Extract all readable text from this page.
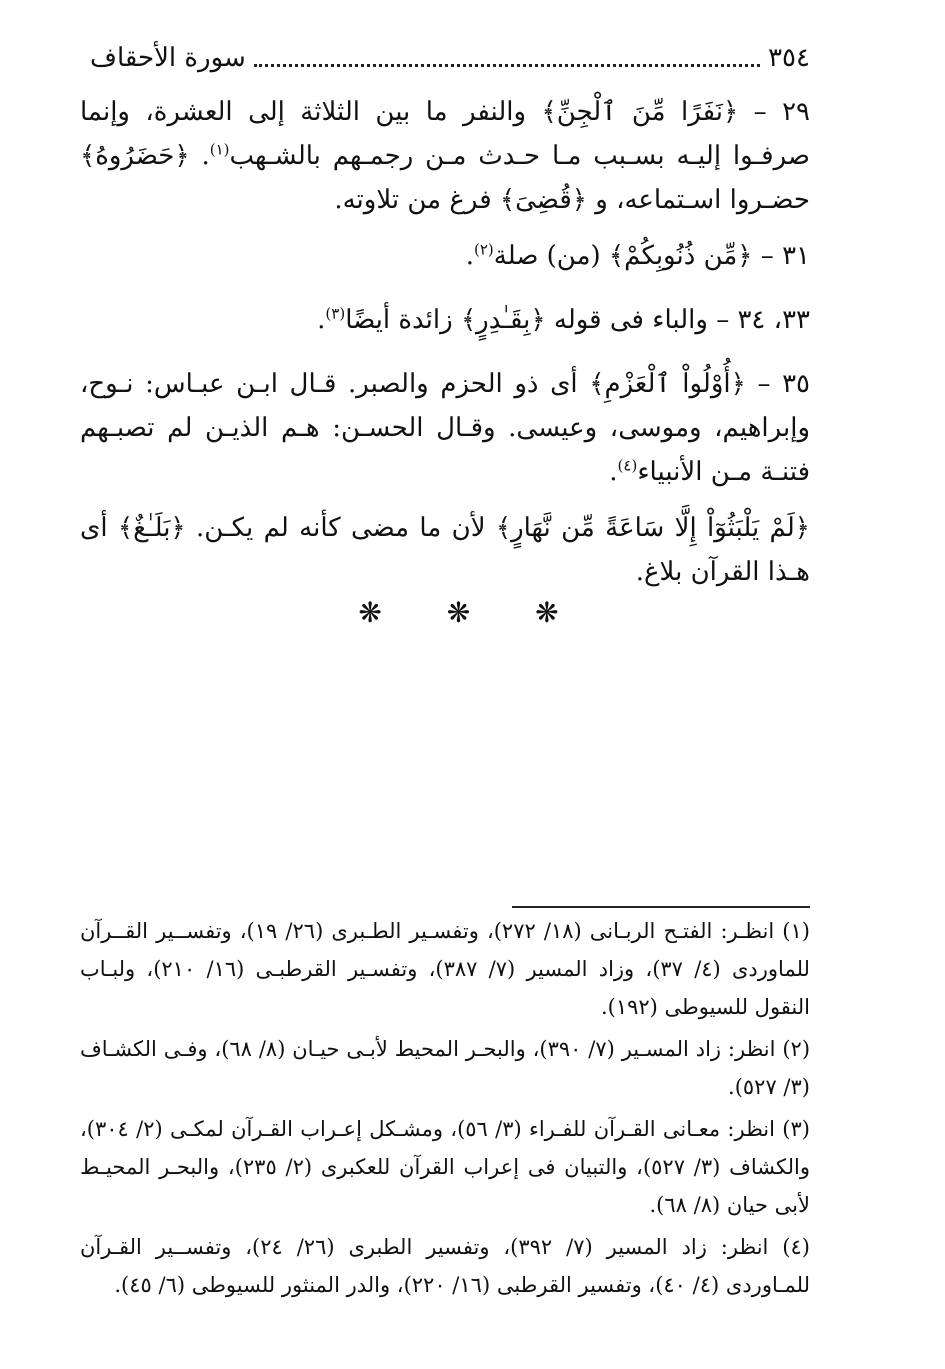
٣٥٤
سورة الأحقاف

٢٩ – ﴿نَفَرًا مِّنَ ٱلْجِنِّ﴾ والنفر ما بين الثلاثة إلى العشرة، وإنما صرفـوا إليـه بسـبب مـا حـدث مـن رجمـهم بالشـهب$^{(١)}$. ﴿حَضَرُوهُ﴾ حضـروا اسـتماعه، و ﴿قُضِىَ﴾ فرغ من تلاوته.

٣١ – ﴿مِّن ذُنُوبِكُمْ﴾ (من) صلة$^{(٢)}$.

٣٣، ٣٤ – والباء فى قوله ﴿بِقَـٰدِرٍ﴾ زائدة أيضًا$^{(٣)}$.

٣٥ – ﴿أُوْلُواْ ٱلْعَزْمِ﴾ أى ذو الحزم والصبر. قـال ابـن عبـاس: نـوح، وإبراهيم، وموسى، وعيسى. وقـال الحسـن: هـم الذيـن لم تصبـهم فتنـة مـن الأنبياء$^{(٤)}$.

﴿لَمْ يَلْبَثُوٓاْ إِلَّا سَاعَةً مِّن نَّهَارٍ﴾ لأن ما مضى كأنه لم يكـن. ﴿بَلَـٰغٌ﴾ أى هـذا القرآن بلاغ.

❋ ❋ ❋

(١) انظـر: الفتـح الربـانى (١٨/ ٢٧٢)، وتفسـير الطـبرى (٢٦/ ١٩)، وتفســير القــرآن للماوردى (٤/ ٣٧)، وزاد المسير (٧/ ٣٨٧)، وتفسـير القرطبـى (١٦/ ٢١٠)، ولبـاب النقول للسيوطى (١٩٢).

(٢) انظر: زاد المسـير (٧/ ٣٩٠)، والبحـر المحيط لأبـى حيـان (٨/ ٦٨)، وفـى الكشـاف (٣/ ٥٢٧).

(٣) انظر: معـانى القـرآن للفـراء (٣/ ٥٦)، ومشـكل إعـراب القـرآن لمكـى (٢/ ٣٠٤)، والكشاف (٣/ ٥٢٧)، والتبيان فى إعراب القرآن للعكبرى (٢/ ٢٣٥)، والبحـر المحيـط لأبى حيان (٨/ ٦٨).

(٤) انظر: زاد المسير (٧/ ٣٩٢)، وتفسير الطبرى (٢٦/ ٢٤)، وتفســير القـرآن للمـاوردى (٤/ ٤٠)، وتفسير القرطبى (١٦/ ٢٢٠)، والدر المنثور للسيوطى (٦/ ٤٥).
